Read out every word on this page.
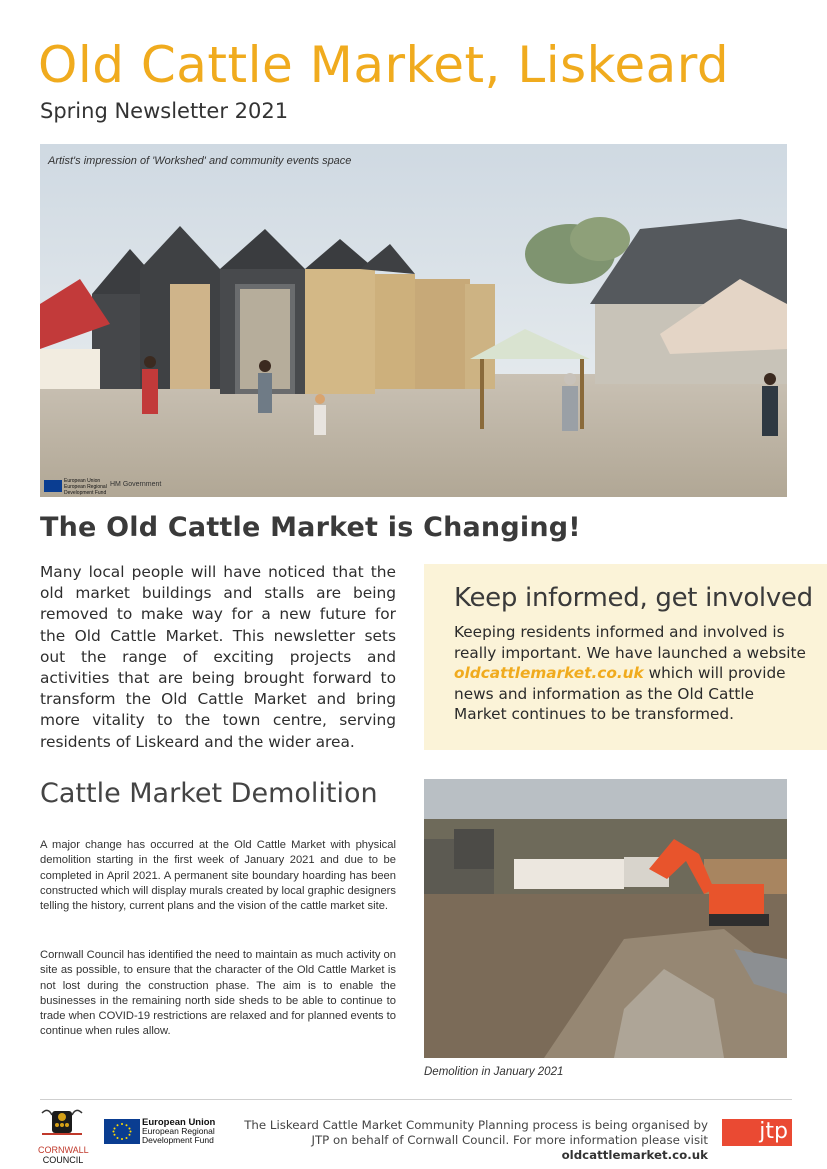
Old Cattle Market, Liskeard
Spring Newsletter 2021
Artist's impression of 'Workshed' and community events space
European Union European Regional Development Fund
HM Government
The Old Cattle Market is Changing!

Many local people will have noticed that the old market buildings and stalls are being removed to make way for a new future for the Old Cattle Market. This newsletter sets out the range of exciting projects and activities that are being brought forward to transform the Old Cattle Market and bring more vitality to the town centre, serving residents of Liskeard and the wider area.

Keep informed, get involved

Keeping residents informed and involved is really important. We have launched a website oldcattlemarket.co.uk which will provide news and information as the Old Cattle Market continues to be transformed.

Cattle Market Demolition

A major change has occurred at the Old Cattle Market with physical demolition starting in the first week of January 2021 and due to be completed in April 2021. A permanent site boundary hoarding has been constructed which will display murals created by local graphic designers telling the history, current plans and the vision of the cattle market site.

Cornwall Council has identified the need to maintain as much activity on site as possible, to ensure that the character of the Old Cattle Market is not lost during the construction phase. The aim is to enable the businesses in the remaining north side sheds to be able to continue to trade when COVID-19 restrictions are relaxed and for planned events to continue when rules allow.

Demolition in January 2021
CORNWALL
COUNCIL
European Union
European Regional
Development Fund
The Liskeard Cattle Market Community Planning process is being organised by JTP on behalf of Cornwall Council. For more information please visit oldcattlemarket.co.uk
jtp
